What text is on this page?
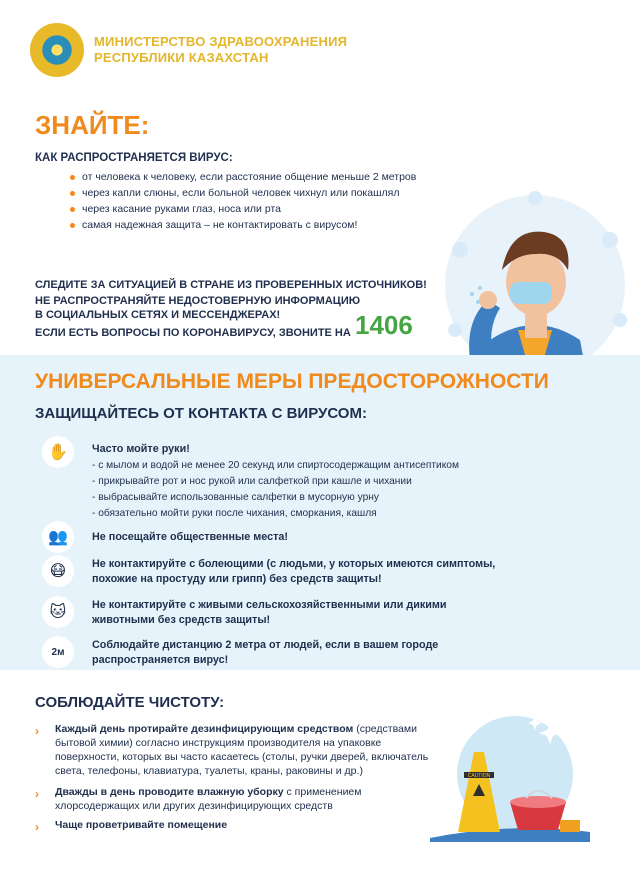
МИНИСТЕРСТВО ЗДРАВООХРАНЕНИЯ
РЕСПУБЛИКИ КАЗАХСТАН
ЗНАЙТЕ:
КАК РАСПРОСТРАНЯЕТСЯ ВИРУС:
от человека к человеку, если расстояние общение меньше 2 метров
через капли слюны, если больной человек чихнул или покашлял
через касание руками глаз, носа или рта
самая надежная защита – не контактировать с вирусом!
СЛЕДИТЕ ЗА СИТУАЦИЕЙ В СТРАНЕ ИЗ ПРОВЕРЕННЫХ ИСТОЧНИКОВ!
НЕ РАСПРОСТРАНЯЙТЕ НЕДОСТОВЕРНУЮ ИНФОРМАЦИЮ
В СОЦИАЛЬНЫХ СЕТЯХ И МЕССЕНДЖЕРАХ!
ЕСЛИ ЕСТЬ ВОПРОСЫ ПО КОРОНАВИРУСУ, ЗВОНИТЕ НА 1406
УНИВЕРСАЛЬНЫЕ МЕРЫ ПРЕДОСТОРОЖНОСТИ
ЗАЩИЩАЙТЕСЬ ОТ КОНТАКТА С ВИРУСОМ:
✋	Часто мойте руки!
- с мылом и водой не менее 20 секунд или спиртосодержащим антисептиком
- прикрывайте рот и нос рукой или салфеткой при кашле и чихании
- выбрасывайте использованные салфетки в мусорную урну
- обязательно мойти руки после чихания, сморкания, кашля
👥	Не посещайте общественные места!
😷	Не контактируйте с болеющими (с людьми, у которых имеются симптомы,
похожие на простуду или грипп) без средств защиты!
🐱	Не контактируйте с живыми сельскохозяйственными или дикими
животными без средств защиты!
2м
Соблюдайте дистанцию 2 метра от людей, если в вашем городе
распространяется вирус!
СОБЛЮДАЙТЕ ЧИСТОТУ:
› Каждый день протирайте дезинфицирующим средством (средствами бытовой химии) согласно инструкциям производителя на упаковке поверхности, которых вы часто касаетесь (столы, ручки дверей, включатель света, телефоны, клавиатура, туалеты, краны, раковины и др.)
› Дважды в день проводите влажную уборку с применением хлорсодержащих или других дезинфицирующих средств
› Чаще проветривайте помещение
CAUTION
